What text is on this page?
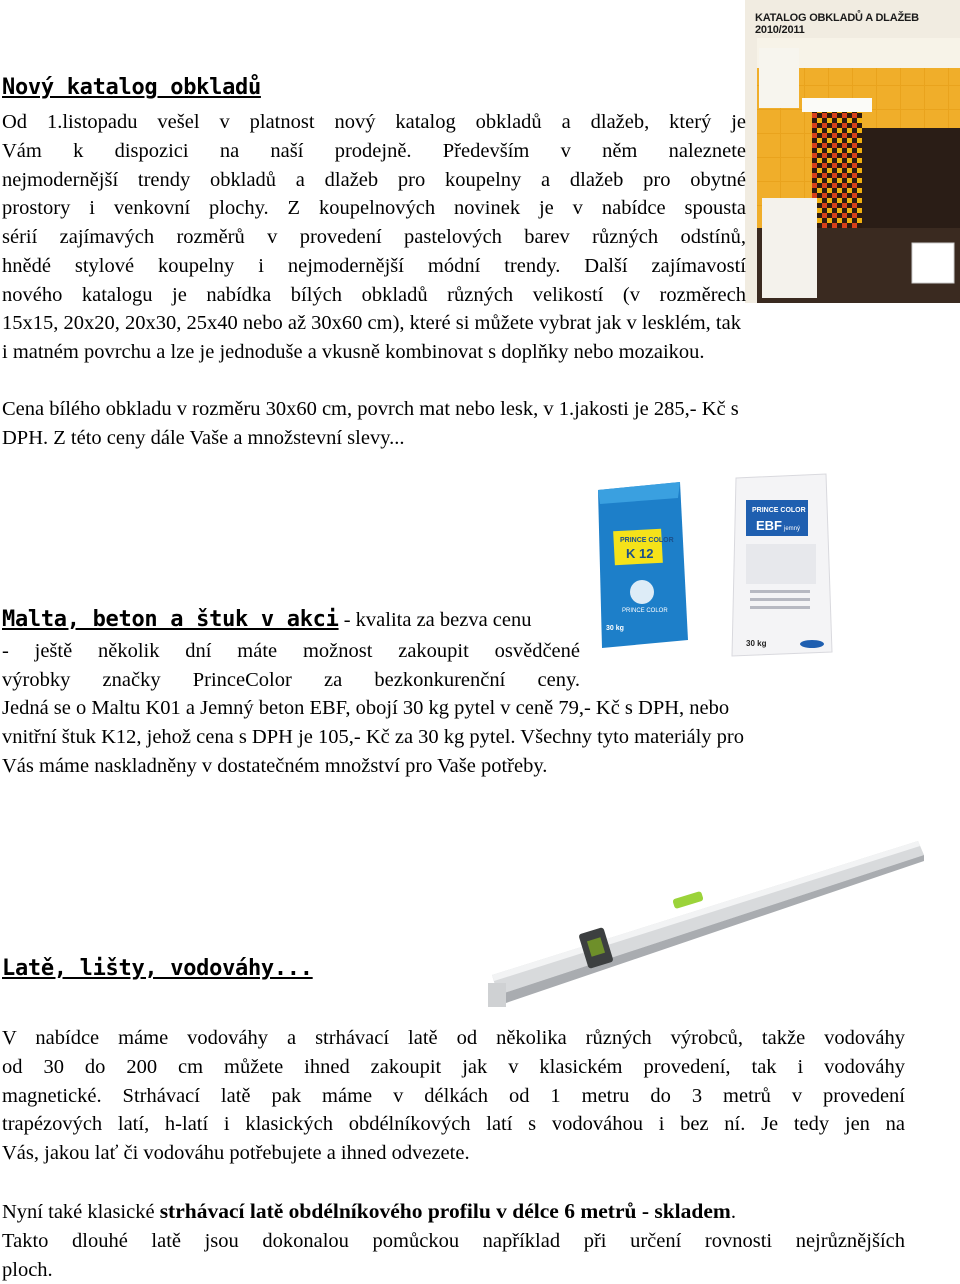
KATALOG OBKLADŮ A DLAŽEB 2010/2011
Nový katalog obkladů

Od 1.listopadu vešel v platnost nový katalog obkladů a dlažeb, který je

Vám k dispozici na naší prodejně. Především v něm naleznete

nejmodernější trendy obkladů a dlažeb pro koupelny a dlažeb pro obytné

prostory i venkovní plochy. Z koupelnových novinek je v nabídce spousta

sérií zajímavých rozměrů v provedení pastelových barev různých odstínů,

hnědé stylové koupelny i nejmodernější módní trendy. Další zajímavostí

nového katalogu je nabídka bílých obkladů různých velikostí (v rozměrech

15x15, 20x20, 20x30, 25x40 nebo až 30x60 cm), které si můžete vybrat jak v lesklém, tak

i matném povrchu a lze je jednoduše a vkusně kombinovat s doplňky nebo mozaikou.

Cena bílého obkladu v rozměru 30x60 cm, povrch mat nebo lesk, v 1.jakosti je 285,- Kč s

DPH. Z této ceny dále Vaše a množstevní slevy...

PRINCE COLOR
K 12
PRINCE COLOR
30 kg
PRINCE COLOR
EBF jemný
30 kg
Malta, beton a štuk v akci - kvalita za bezva cenu

- ještě několik dní máte možnost zakoupit osvědčené

výrobky značky PrinceColor za bezkonkurenční ceny.

Jedná se o Maltu K01 a Jemný beton EBF, obojí 30 kg pytel v ceně 79,- Kč s DPH, nebo

vnitřní štuk K12, jehož cena s DPH je 105,- Kč za 30 kg pytel. Všechny tyto materiály pro

Vás máme naskladněny v dostatečném množství pro Vaše potřeby.

Latě, lišty, vodováhy...

V nabídce máme vodováhy a strhávací latě od několika různých výrobců, takže vodováhy

od 30 do 200 cm můžete ihned zakoupit jak v klasickém provedení, tak i vodováhy

magnetické. Strhávací latě pak máme v délkách od 1 metru do 3 metrů v provedení

trapézových latí, h-latí i klasických obdélníkových latí s vodováhou i bez ní. Je tedy jen na

Vás, jakou lať či vodováhu potřebujete a ihned odvezete.

Nyní také klasické strhávací latě obdélníkového profilu v délce 6 metrů - skladem.

Takto dlouhé latě jsou dokonalou pomůckou například při určení rovnosti nejrůznějších

ploch.
